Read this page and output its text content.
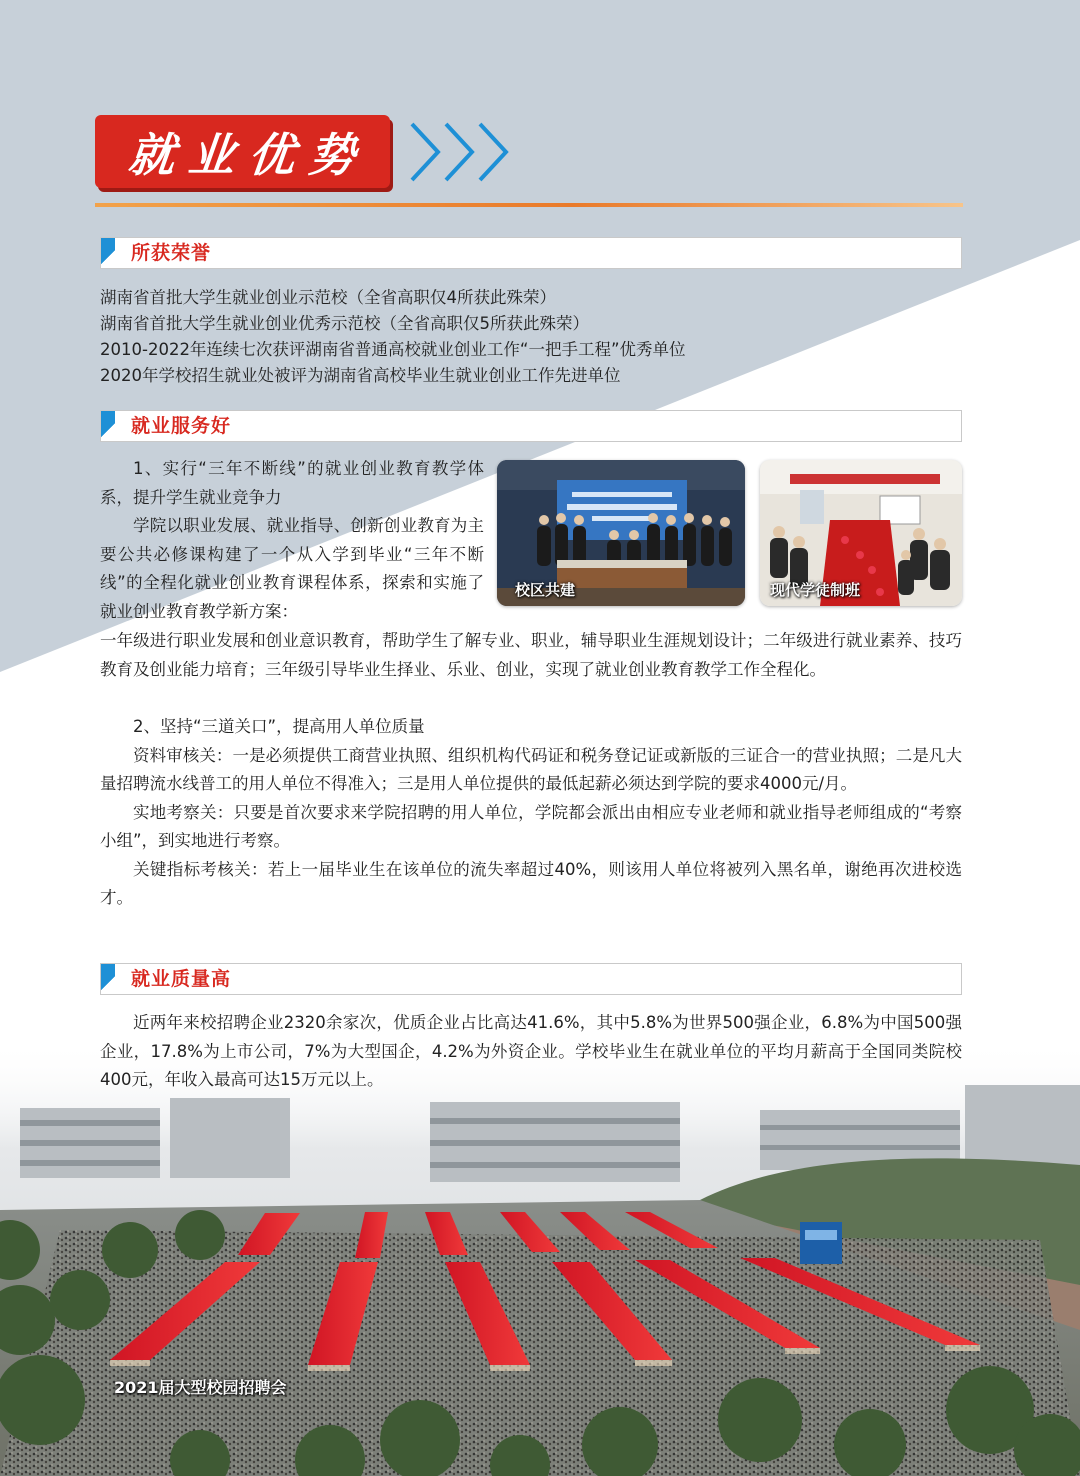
就业优势
所获荣誉
湖南省首批大学生就业创业示范校（全省高职仅4所获此殊荣）
湖南省首批大学生就业创业优秀示范校（全省高职仅5所获此殊荣）
2010-2022年连续七次获评湖南省普通高校就业创业工作“一把手工程”优秀单位
2020年学校招生就业处被评为湖南省高校毕业生就业创业工作先进单位
就业服务好
1、实行“三年不断线”的就业创业教育教学体系，提升学生就业竞争力
学院以职业发展、就业指导、创新创业教育为主要公共必修课构建了一个从入学到毕业“三年不断线”的全程化就业创业教育课程体系，探索和实施了就业创业教育教学新方案：
校区共建	现代学徒制班
一年级进行职业发展和创业意识教育，帮助学生了解专业、职业，辅导职业生涯规划设计；二年级进行就业素养、技巧教育及创业能力培育；三年级引导毕业生择业、乐业、创业，实现了就业创业教育教学工作全程化。
2、坚持“三道关口”，提高用人单位质量
资料审核关：一是必须提供工商营业执照、组织机构代码证和税务登记证或新版的三证合一的营业执照；二是凡大量招聘流水线普工的用人单位不得准入；三是用人单位提供的最低起薪必须达到学院的要求4000元/月。
实地考察关：只要是首次要求来学院招聘的用人单位，学院都会派出由相应专业老师和就业指导老师组成的“考察小组”，到实地进行考察。
关键指标考核关：若上一届毕业生在该单位的流失率超过40%，则该用人单位将被列入黑名单，谢绝再次进校选才。
就业质量高
近两年来校招聘企业2320余家次，优质企业占比高达41.6%，其中5.8%为世界500强企业，6.8%为中国500强企业，17.8%为上市公司，7%为大型国企，4.2%为外资企业。学校毕业生在就业单位的平均月薪高于全国同类院校400元，年收入最高可达15万元以上。
2021届大型校园招聘会
